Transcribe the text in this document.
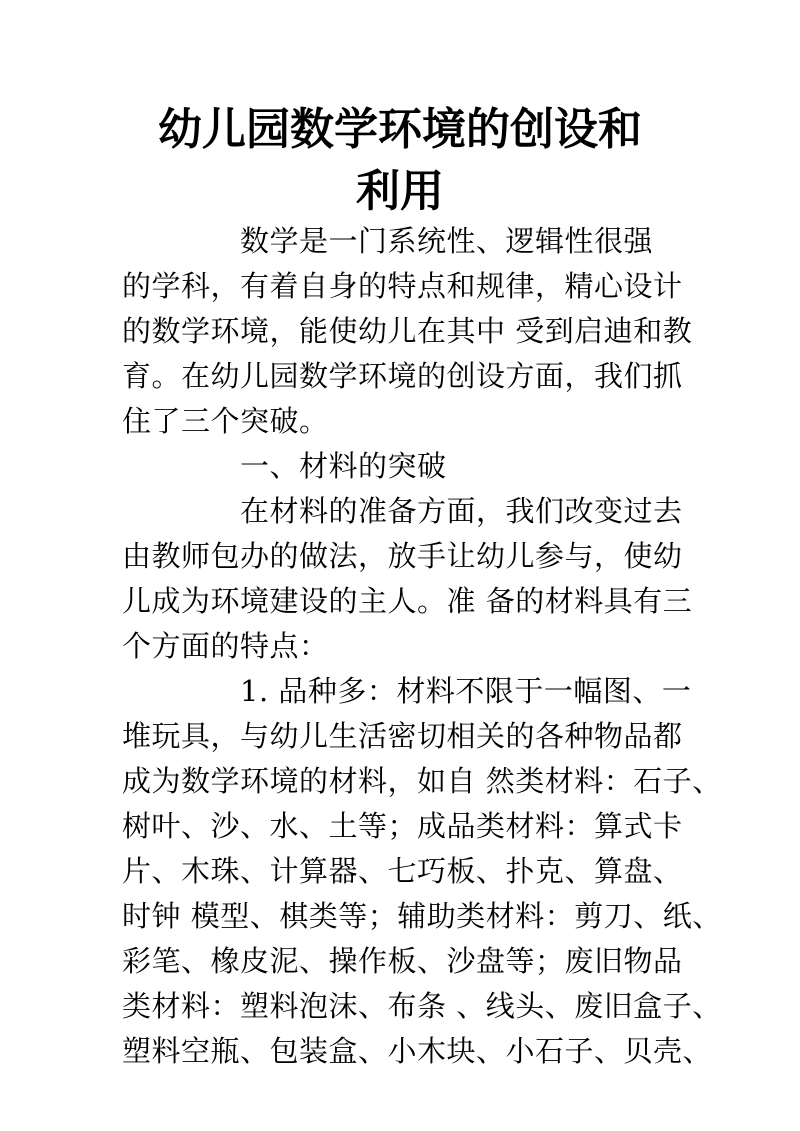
幼儿园数学环境的创设和
利用
数学是一门系统性、逻辑性很强
的学科，有着自身的特点和规律，精心设计
的数学环境，能使幼儿在其中 受到启迪和教
育。在幼儿园数学环境的创设方面，我们抓
住了三个突破。
一、材料的突破
在材料的准备方面，我们改变过去
由教师包办的做法，放手让幼儿参与，使幼
儿成为环境建设的主人。准 备的材料具有三
个方面的特点：
1. 品种多：材料不限于一幅图、一
堆玩具，与幼儿生活密切相关的各种物品都
成为数学环境的材料，如自 然类材料：石子、
树叶、沙、水、土等；成品类材料：算式卡
片、木珠、计算器、七巧板、扑克、算盘、
时钟 模型、棋类等；辅助类材料：剪刀、纸、
彩笔、橡皮泥、操作板、沙盘等；废旧物品
类材料：塑料泡沫、布条 、线头、废旧盒子、
塑料空瓶、包装盒、小木块、小石子、贝壳、
